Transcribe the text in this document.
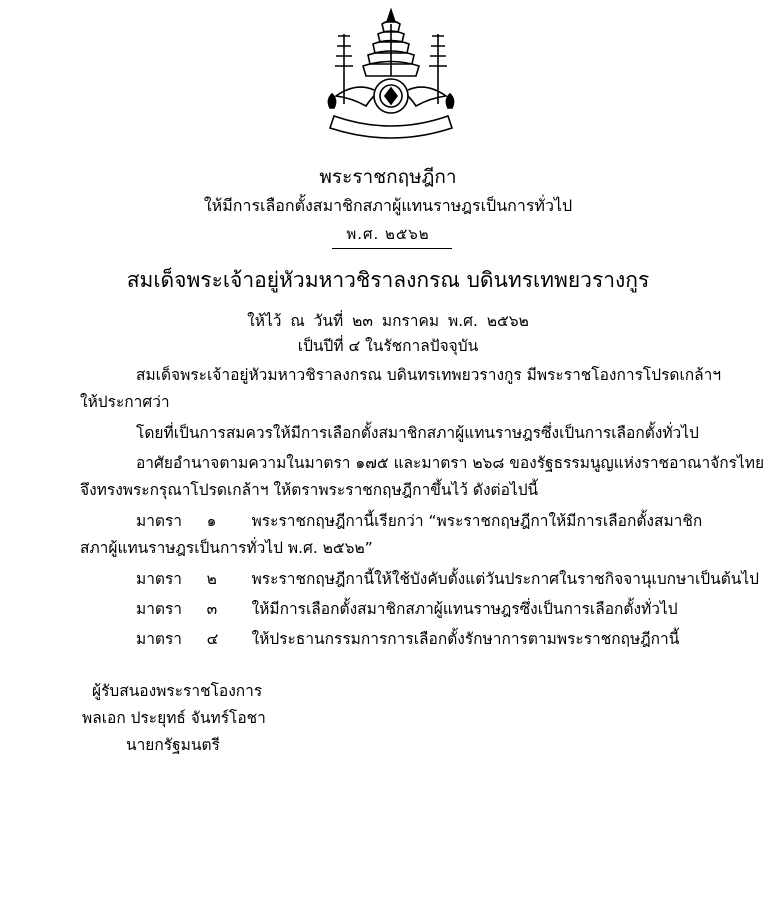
พระราชกฤษฎีกา
ให้มีการเลือกตั้งสมาชิกสภาผู้แทนราษฎรเป็นการทั่วไป
พ.ศ. ๒๕๖๒
สมเด็จพระเจ้าอยู่หัวมหาวชิราลงกรณ บดินทรเทพยวรางกูร
ให้ไว้ ณ วันที่ ๒๓ มกราคม พ.ศ. ๒๕๖๒
เป็นปีที่ ๔ ในรัชกาลปัจจุบัน
สมเด็จพระเจ้าอยู่หัวมหาวชิราลงกรณ บดินทรเทพยวรางกูร มีพระราชโองการโปรดเกล้าฯ
ให้ประกาศว่า
โดยที่เป็นการสมควรให้มีการเลือกตั้งสมาชิกสภาผู้แทนราษฎรซึ่งเป็นการเลือกตั้งทั่วไป
อาศัยอำนาจตามความในมาตรา ๑๗๕ และมาตรา ๒๖๘ ของรัฐธรรมนูญแห่งราชอาณาจักรไทย
จึงทรงพระกรุณาโปรดเกล้าฯ ให้ตราพระราชกฤษฎีกาขึ้นไว้ ดังต่อไปนี้
มาตรา ๑ พระราชกฤษฎีกานี้เรียกว่า “พระราชกฤษฎีกาให้มีการเลือกตั้งสมาชิก
สภาผู้แทนราษฎรเป็นการทั่วไป พ.ศ. ๒๕๖๒”
มาตรา ๒ พระราชกฤษฎีกานี้ให้ใช้บังคับตั้งแต่วันประกาศในราชกิจจานุเบกษาเป็นต้นไป
มาตรา ๓ ให้มีการเลือกตั้งสมาชิกสภาผู้แทนราษฎรซึ่งเป็นการเลือกตั้งทั่วไป
มาตรา ๔ ให้ประธานกรรมการการเลือกตั้งรักษาการตามพระราชกฤษฎีกานี้
ผู้รับสนองพระราชโองการ
พลเอก ประยุทธ์ จันทร์โอชา
นายกรัฐมนตรี
